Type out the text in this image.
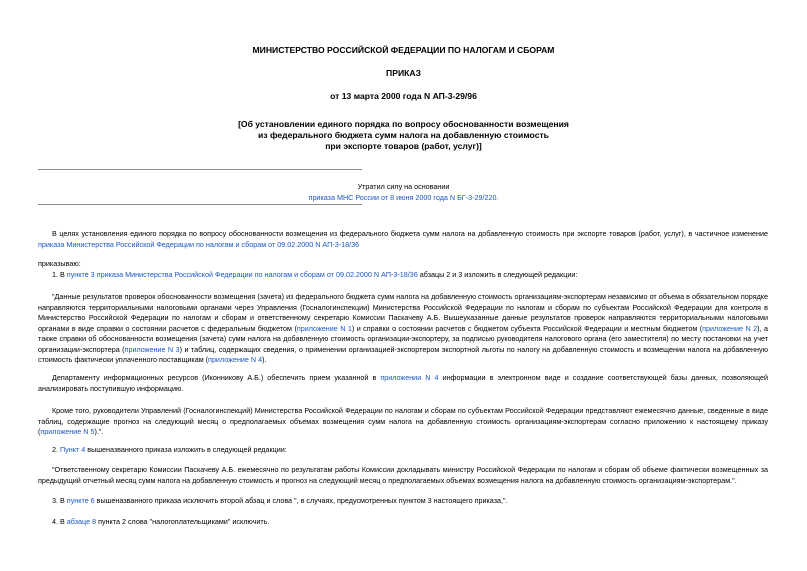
МИНИСТЕРСТВО РОССИЙСКОЙ ФЕДЕРАЦИИ ПО НАЛОГАМ И СБОРАМ
ПРИКАЗ
от 13 марта 2000 года N АП-3-29/96
[Об установлении единого порядка по вопросу обоснованности возмещения
из федерального бюджета сумм налога на добавленную стоимость
при экспорте товаров (работ, услуг)]
Утратил силу на основании
приказа МНС России от 8 июня 2000 года N БГ-3-29/220.
В целях установления единого порядка по вопросу обоснованности возмещения из федерального бюджета сумм налога на добавленную стоимость при экспорте товаров (работ, услуг), в частичное изменение приказа Министерства Российской Федерации по налогам и сборам от 09.02.2000 N АП-3-18/36
приказываю:
1. В пункте 3 приказа Министерства Российской Федерации по налогам и сборам от 09.02.2000 N АП-3-18/36 абзацы 2 и 3 изложить в следующей редакции:
"Данные результатов проверок обоснованности возмещения (зачета) из федерального бюджета сумм налога на добавленную стоимость организациям-экспортерам независимо от объема в обязательном порядке направляются территориальными налоговыми органами через Управления (Госналогинспекции) Министерства Российской Федерации по налогам и сборам по субъектам Российской Федерации для контроля в Министерство Российской Федерации по налогам и сборам и ответственному секретарю Комиссии Паскачеву А.Б. Вышеуказанные данные результатов проверок направляются территориальными налоговыми органами в виде справки о состоянии расчетов с федеральным бюджетом (приложение N 1) и справки о состоянии расчетов с бюджетом субъекта Российской Федерации и местным бюджетом (приложение N 2), а также справки об обоснованности возмещения (зачета) сумм налога на добавленную стоимость организации-экспортеру, за подписью руководителя налогового органа (его заместителя) по месту постановки на учет организации-экспортера (приложение N 3) и таблиц, содержащих сведения, о применении организацией-экспортером экспортной льготы по налогу на добавленную стоимость и возмещении налога на добавленную стоимость фактически уплаченного поставщикам (приложение N 4).
Департаменту информационных ресурсов (Иконникову А.Б.) обеспечить прием указанной в приложении N 4 информации в электронном виде и создание соответствующей базы данных, позволяющей анализировать поступившую информацию.
Кроме того, руководители Управлений (Госналогинспекций) Министерства Российской Федерации по налогам и сборам по субъектам Российской Федерации представляют ежемесячно данные, сведенные в виде таблиц, содержащие прогноз на следующий месяц о предполагаемых объемах возмещения сумм налога на добавленную стоимость организациям-экспортерам согласно приложению к настоящему приказу (приложение N 5).".
2. Пункт 4 вышеназванного приказа изложить в следующей редакции:
"Ответственному секретарю Комиссии Паскачеву А.Б. ежемесячно по результатам работы Комиссии докладывать министру Российской Федерации по налогам и сборам об объеме фактически возмещенных за предыдущий отчетный месяц сумм налога на добавленную стоимость и прогноз на следующий месяц о предполагаемых объемах возмещения налога на добавленную стоимость организациям-экспортерам.".
3. В пункте 6 вышеназванного приказа исключить второй абзац и слова ", в случаях, предусмотренных пунктом 3 настоящего приказа,".
4. В абзаце 8 пункта 2 слова "налогоплательщиками" исключить.
